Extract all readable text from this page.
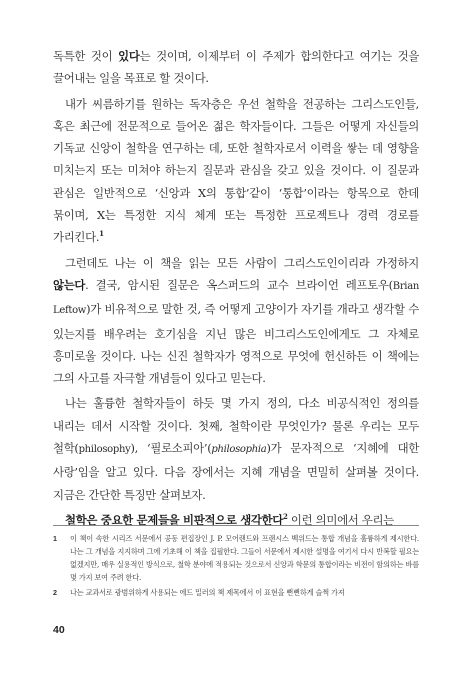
독특한 것이 있다는 것이며, 이제부터 이 주제가 합의한다고 여기는 것을 끌어내는 일을 목표로 할 것이다.

내가 씨름하기를 원하는 독자층은 우선 철학을 전공하는 그리스도인들, 혹은 최근에 전문적으로 들어온 젊은 학자들이다. 그들은 어떻게 자신들의 기독교 신앙이 철학을 연구하는 데, 또한 철학자로서 이력을 쌓는 데 영향을 미치는지 또는 미쳐야 하는지 질문과 관심을 갖고 있을 것이다. 이 질문과 관심은 일반적으로 ‘신앙과 X의 통합’같이 ‘통합’이라는 항목으로 한데 묶이며, X는 특정한 지식 체계 또는 특정한 프로젝트나 경력 경로를 가리킨다.$^1$

그런데도 나는 이 책을 읽는 모든 사람이 그리스도인이리라 가정하지 않는다. 결국, 암시된 질문은 옥스퍼드의 교수 브라이언 레프토우(Brian Leftow)가 비유적으로 말한 것, 즉 어떻게 고양이가 자기를 개라고 생각할 수 있는지를 배우려는 호기심을 지닌 많은 비그리스도인에게도 그 자체로 흥미로울 것이다. 나는 신진 철학자가 영적으로 무엇에 헌신하든 이 책에는 그의 사고를 자극할 개념들이 있다고 믿는다.

나는 훌륭한 철학자들이 하듯 몇 가지 정의, 다소 비공식적인 정의를 내리는 데서 시작할 것이다. 첫째, 철학이란 무엇인가? 물론 우리는 모두 철학(philosophy), ‘필로소피아’(philosophia)가 문자적으로 ‘지혜에 대한 사랑’임을 알고 있다. 다음 장에서는 지혜 개념을 면밀히 살펴볼 것이다. 지금은 간단한 특징만 살펴보자.

철학은 중요한 문제들을 비판적으로 생각한다$^2$ 이런 의미에서 우리는

1	이 책이 속한 시리즈 서문에서 공동 편집장인 J. P. 모어랜드와 프랜시스 벡위드는 통합 개념을 훌륭하게 제시한다. 나는 그 개념을 지지하며 그에 기초해 이 책을 집필한다. 그들이 서문에서 제시한 설명을 여기서 다시 반복할 필요는 없겠지만, 매우 실용적인 방식으로, 철학 분야에 적용되는 것으로서 신앙과 학문의 통합이라는 비전이 함의하는 바를 몇 가지 보여 주려 한다.
2	나는 교과서로 광범위하게 사용되는 에드 밀러의 책 제목에서 이 표현을 뻔뻔하게 슬쩍 가져
40
